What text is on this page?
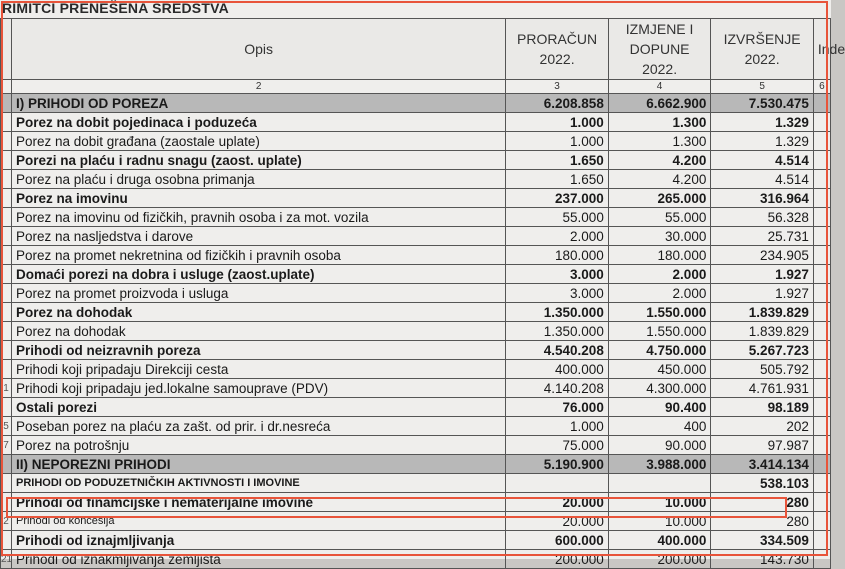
RIMITCI PRENEŠENA SREDSTVA
	Opis	PRORAČUN 2022.	IZMJENE I DOPUNE 2022.	IZVRŠENJE 2022.	Inde
	2	3	4	5	6
	I) PRIHODI OD POREZA	6.208.858	6.662.900	7.530.475	
	Porez na dobit pojedinaca i poduzeća	1.000	1.300	1.329	
	Porez na dobit građana (zaostale uplate)	1.000	1.300	1.329	
	Porezi na plaću i radnu snagu (zaost. uplate)	1.650	4.200	4.514	
	Porez na plaću i druga osobna primanja	1.650	4.200	4.514	
	Porez na imovinu	237.000	265.000	316.964	
	Porez na imovinu od fizičkih, pravnih osoba i za mot. vozila	55.000	55.000	56.328	
	Porez na nasljedstva i darove	2.000	30.000	25.731	
	Porez na promet nekretnina od fizičkih i pravnih osoba	180.000	180.000	234.905	
	Domaći porezi na dobra i usluge (zaost.uplate)	3.000	2.000	1.927	
	Porez na promet proizvoda i usluga	3.000	2.000	1.927	
	Porez na dohodak	1.350.000	1.550.000	1.839.829	
	Porez na dohodak	1.350.000	1.550.000	1.839.829	
	Prihodi od neizravnih poreza	4.540.208	4.750.000	5.267.723	
	Prihodi koji pripadaju Direkciji cesta	400.000	450.000	505.792	
1	Prihodi koji pripadaju jed.lokalne samouprave (PDV)	4.140.208	4.300.000	4.761.931	
	Ostali porezi	76.000	90.400	98.189	
5	Poseban porez na plaću za zašt. od prir. i dr.nesreća	1.000	400	202	
7	Porez na potrošnju	75.000	90.000	97.987	
	II) NEPOREZNI PRIHODI	5.190.900	3.988.000	3.414.134	
	PRIHODI OD PODUZETNIČKIH AKTIVNOSTI I IMOVINE			538.103	
	Prihodi od finamcijske i nematerijalne imovine	20.000	10.000	280	
2	Prihodi od koncesija	20.000	10.000	280	
	Prihodi od iznajmljivanja	600.000	400.000	334.509	
21	Prihodi od iznakmljivanja zemljišta	200.000	200.000	143.730	
